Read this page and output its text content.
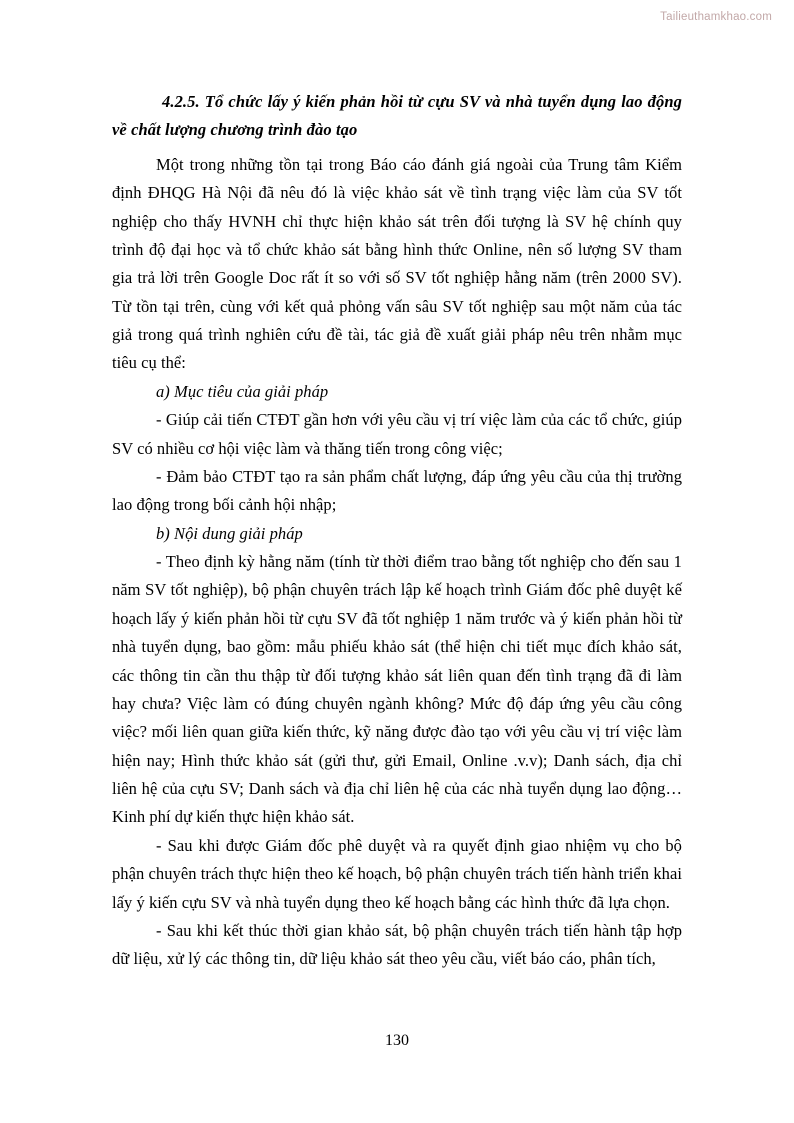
Tailieuthamkhao.com
4.2.5. Tổ chức lấy ý kiến phản hồi từ cựu SV và nhà tuyển dụng lao động về chất lượng chương trình đào tạo

Một trong những tồn tại trong Báo cáo đánh giá ngoài của Trung tâm Kiểm định ĐHQG Hà Nội đã nêu đó là việc khảo sát về tình trạng việc làm của SV tốt nghiệp cho thấy HVNH chỉ thực hiện khảo sát trên đối tượng là SV hệ chính quy trình độ đại học và tổ chức khảo sát bằng hình thức Online, nên số lượng SV tham gia trả lời trên Google Doc rất ít so với số SV tốt nghiệp hằng năm (trên 2000 SV). Từ tồn tại trên, cùng với kết quả phỏng vấn sâu SV tốt nghiệp sau một năm của tác giả trong quá trình nghiên cứu đề tài, tác giả đề xuất giải pháp nêu trên nhằm mục tiêu cụ thể:

a) Mục tiêu của giải pháp

- Giúp cải tiến CTĐT gần hơn với yêu cầu vị trí việc làm của các tổ chức, giúp SV có nhiều cơ hội việc làm và thăng tiến trong công việc;

- Đảm bảo CTĐT tạo ra sản phẩm chất lượng, đáp ứng yêu cầu của thị trường lao động trong bối cảnh hội nhập;

b) Nội dung giải pháp

- Theo định kỳ hằng năm (tính từ thời điểm trao bằng tốt nghiệp cho đến sau 1 năm SV tốt nghiệp), bộ phận chuyên trách lập kế hoạch trình Giám đốc phê duyệt kế hoạch lấy ý kiến phản hồi từ cựu SV đã tốt nghiệp 1 năm trước và ý kiến phản hồi từ nhà tuyển dụng, bao gồm: mẫu phiếu khảo sát (thể hiện chi tiết mục đích khảo sát, các thông tin cần thu thập từ đối tượng khảo sát liên quan đến tình trạng đã đi làm hay chưa? Việc làm có đúng chuyên ngành không? Mức độ đáp ứng yêu cầu công việc? mối liên quan giữa kiến thức, kỹ năng được đào tạo với yêu cầu vị trí việc làm hiện nay; Hình thức khảo sát (gửi thư, gửi Email, Online .v.v); Danh sách, địa chỉ liên hệ của cựu SV; Danh sách và địa chỉ liên hệ của các nhà tuyển dụng lao động… Kinh phí dự kiến thực hiện khảo sát.

- Sau khi được Giám đốc phê duyệt và ra quyết định giao nhiệm vụ cho bộ phận chuyên trách thực hiện theo kế hoạch, bộ phận chuyên trách tiến hành triển khai lấy ý kiến cựu SV và nhà tuyển dụng theo kế hoạch bằng các hình thức đã lựa chọn.

- Sau khi kết thúc thời gian khảo sát, bộ phận chuyên trách tiến hành tập hợp dữ liệu, xử lý các thông tin, dữ liệu khảo sát theo yêu cầu, viết báo cáo, phân tích,

130
